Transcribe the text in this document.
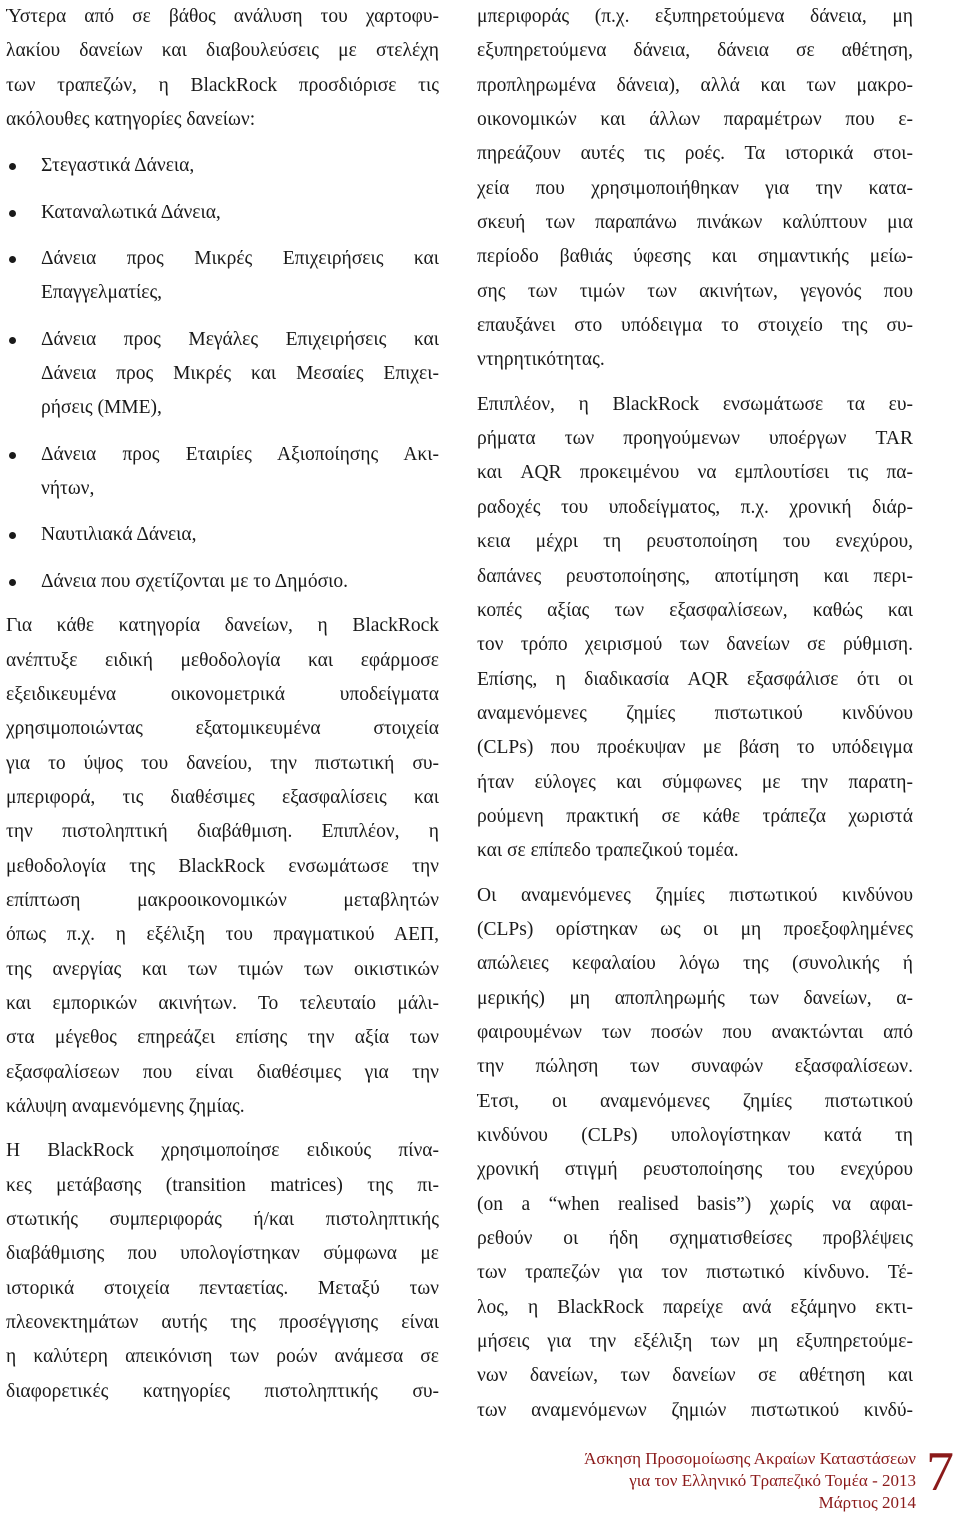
Ύστερα από σε βάθος ανάλυση του χαρτοφυ-
λακίου δανείων και διαβουλεύσεις με στελέχη
των τραπεζών, η BlackRock προσδιόρισε τις
ακόλουθες κατηγορίες δανείων:
Στεγαστικά Δάνεια,
Καταναλωτικά Δάνεια,
Δάνεια προς Μικρές Επιχειρήσεις και
Επαγγελματίες,
Δάνεια προς Μεγάλες Επιχειρήσεις και
Δάνεια προς Μικρές και Μεσαίες Επιχει-
ρήσεις (ΜΜΕ),
Δάνεια προς Εταιρίες Αξιοποίησης Ακι-
νήτων,
Ναυτιλιακά Δάνεια,
Δάνεια που σχετίζονται με το Δημόσιο.
Για κάθε κατηγορία δανείων, η BlackRock
ανέπτυξε ειδική μεθοδολογία και εφάρμοσε
εξειδικευμένα οικονομετρικά υποδείγματα
χρησιμοποιώντας εξατομικευμένα στοιχεία
για το ύψος του δανείου, την πιστωτική συ-
μπεριφορά, τις διαθέσιμες εξασφαλίσεις και
την πιστοληπτική διαβάθμιση. Επιπλέον, η
μεθοδολογία της BlackRock ενσωμάτωσε την
επίπτωση μακροοικονομικών μεταβλητών
όπως π.χ. η εξέλιξη του πραγματικού ΑΕΠ,
της ανεργίας και των τιμών των οικιστικών
και εμπορικών ακινήτων. Το τελευταίο μάλι-
στα μέγεθος επηρεάζει επίσης την αξία των
εξασφαλίσεων που είναι διαθέσιμες για την
κάλυψη αναμενόμενης ζημίας.
Η BlackRock χρησιμοποίησε ειδικούς πίνα-
κες μετάβασης (transition matrices) της πι-
στωτικής συμπεριφοράς ή/και πιστοληπτικής
διαβάθμισης που υπολογίστηκαν σύμφωνα με
ιστορικά στοιχεία πενταετίας. Μεταξύ των
πλεονεκτημάτων αυτής της προσέγγισης είναι
η καλύτερη απεικόνιση των ροών ανάμεσα σε
διαφορετικές κατηγορίες πιστοληπτικής συ-
μπεριφοράς (π.χ. εξυπηρετούμενα δάνεια, μη
εξυπηρετούμενα δάνεια, δάνεια σε αθέτηση,
προπληρωμένα δάνεια), αλλά και των μακρο-
οικονομικών και άλλων παραμέτρων που ε-
πηρεάζουν αυτές τις ροές. Τα ιστορικά στοι-
χεία που χρησιμοποιήθηκαν για την κατα-
σκευή των παραπάνω πινάκων καλύπτουν μια
περίοδο βαθιάς ύφεσης και σημαντικής μείω-
σης των τιμών των ακινήτων, γεγονός που
επαυξάνει στο υπόδειγμα το στοιχείο της συ-
ντηρητικότητας.
Επιπλέον, η BlackRock ενσωμάτωσε τα ευ-
ρήματα των προηγούμενων υποέργων TAR
και AQR προκειμένου να εμπλουτίσει τις πα-
ραδοχές του υποδείγματος, π.χ. χρονική διάρ-
κεια μέχρι τη ρευστοποίηση του ενεχύρου,
δαπάνες ρευστοποίησης, αποτίμηση και περι-
κοπές αξίας των εξασφαλίσεων, καθώς και
τον τρόπο χειρισμού των δανείων σε ρύθμιση.
Επίσης, η διαδικασία AQR εξασφάλισε ότι οι
αναμενόμενες ζημίες πιστωτικού κινδύνου
(CLPs) που προέκυψαν με βάση το υπόδειγμα
ήταν εύλογες και σύμφωνες με την παρατη-
ρούμενη πρακτική σε κάθε τράπεζα χωριστά
και σε επίπεδο τραπεζικού τομέα.
Οι αναμενόμενες ζημίες πιστωτικού κινδύνου
(CLPs) ορίστηκαν ως οι μη προεξοφλημένες
απώλειες κεφαλαίου λόγω της (συνολικής ή
μερικής) μη αποπληρωμής των δανείων, α-
φαιρουμένων των ποσών που ανακτώνται από
την πώληση των συναφών εξασφαλίσεων.
Έτσι, οι αναμενόμενες ζημίες πιστωτικού
κινδύνου (CLPs) υπολογίστηκαν κατά τη
χρονική στιγμή ρευστοποίησης του ενεχύρου
(on a “when realised basis”) χωρίς να αφαι-
ρεθούν οι ήδη σχηματισθείσες προβλέψεις
των τραπεζών για τον πιστωτικό κίνδυνο. Τέ-
λος, η BlackRock παρείχε ανά εξάμηνο εκτι-
μήσεις για την εξέλιξη των μη εξυπηρετούμε-
νων δανείων, των δανείων σε αθέτηση και
των αναμενόμενων ζημιών πιστωτικού κινδύ-
Άσκηση Προσομοίωσης Ακραίων Καταστάσεων
για τον Ελληνικό Τραπεζικό Τομέα - 2013
Μάρτιος 2014 7
